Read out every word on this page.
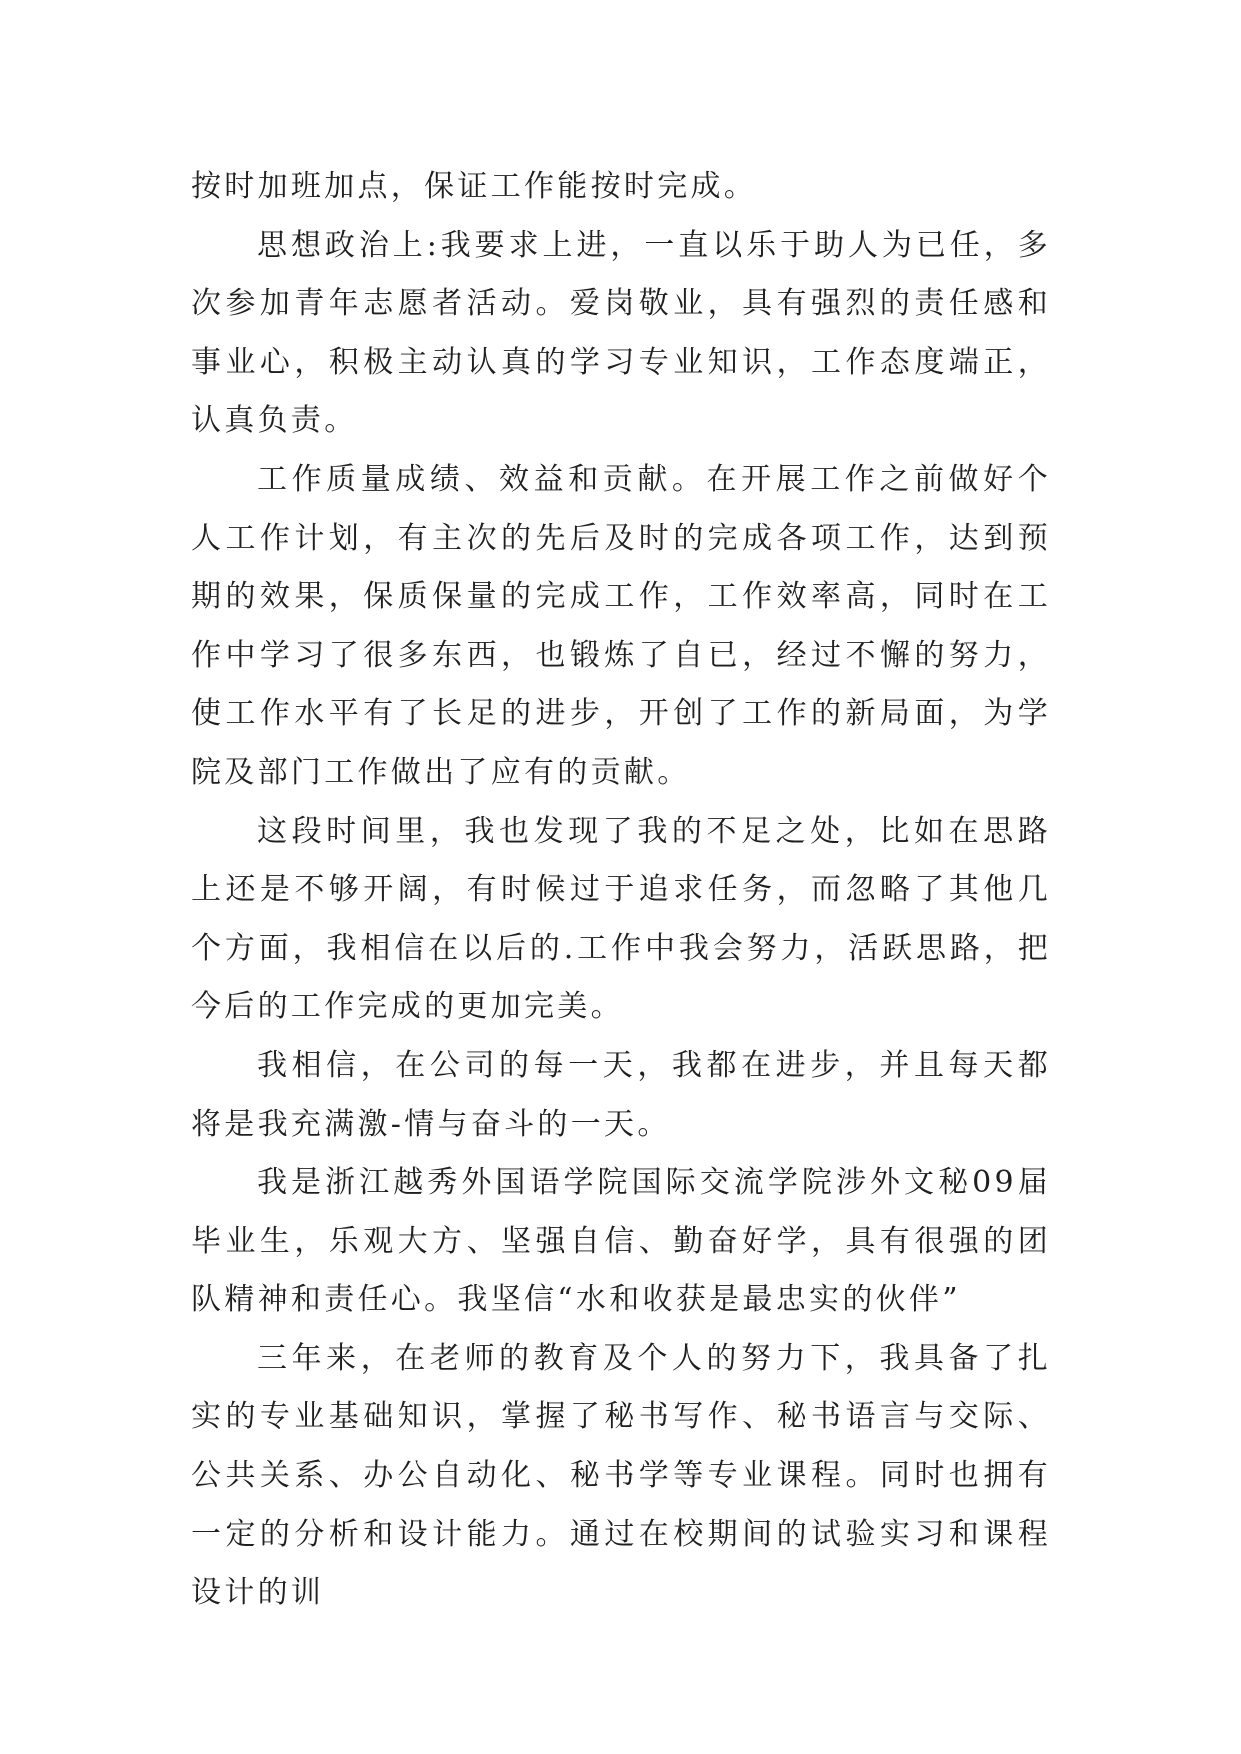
按时加班加点，保证工作能按时完成。

思想政治上:我要求上进，一直以乐于助人为已任，多次参加青年志愿者活动。爱岗敬业，具有强烈的责任感和事业心，积极主动认真的学习专业知识，工作态度端正，认真负责。

工作质量成绩、效益和贡献。在开展工作之前做好个人工作计划，有主次的先后及时的完成各项工作，达到预期的效果，保质保量的完成工作，工作效率高，同时在工作中学习了很多东西，也锻炼了自已，经过不懈的努力，使工作水平有了长足的进步，开创了工作的新局面，为学院及部门工作做出了应有的贡献。

这段时间里，我也发现了我的不足之处，比如在思路上还是不够开阔，有时候过于追求任务，而忽略了其他几个方面，我相信在以后的.工作中我会努力，活跃思路，把今后的工作完成的更加完美。

我相信，在公司的每一天，我都在进步，并且每天都将是我充满激-情与奋斗的一天。

我是浙江越秀外国语学院国际交流学院涉外文秘09届毕业生，乐观大方、坚强自信、勤奋好学，具有很强的团队精神和责任心。我坚信“水和收获是最忠实的伙伴”

三年来，在老师的教育及个人的努力下，我具备了扎实的专业基础知识，掌握了秘书写作、秘书语言与交际、公共关系、办公自动化、秘书学等专业课程。同时也拥有一定的分析和设计能力。通过在校期间的试验实习和课程设计的训
